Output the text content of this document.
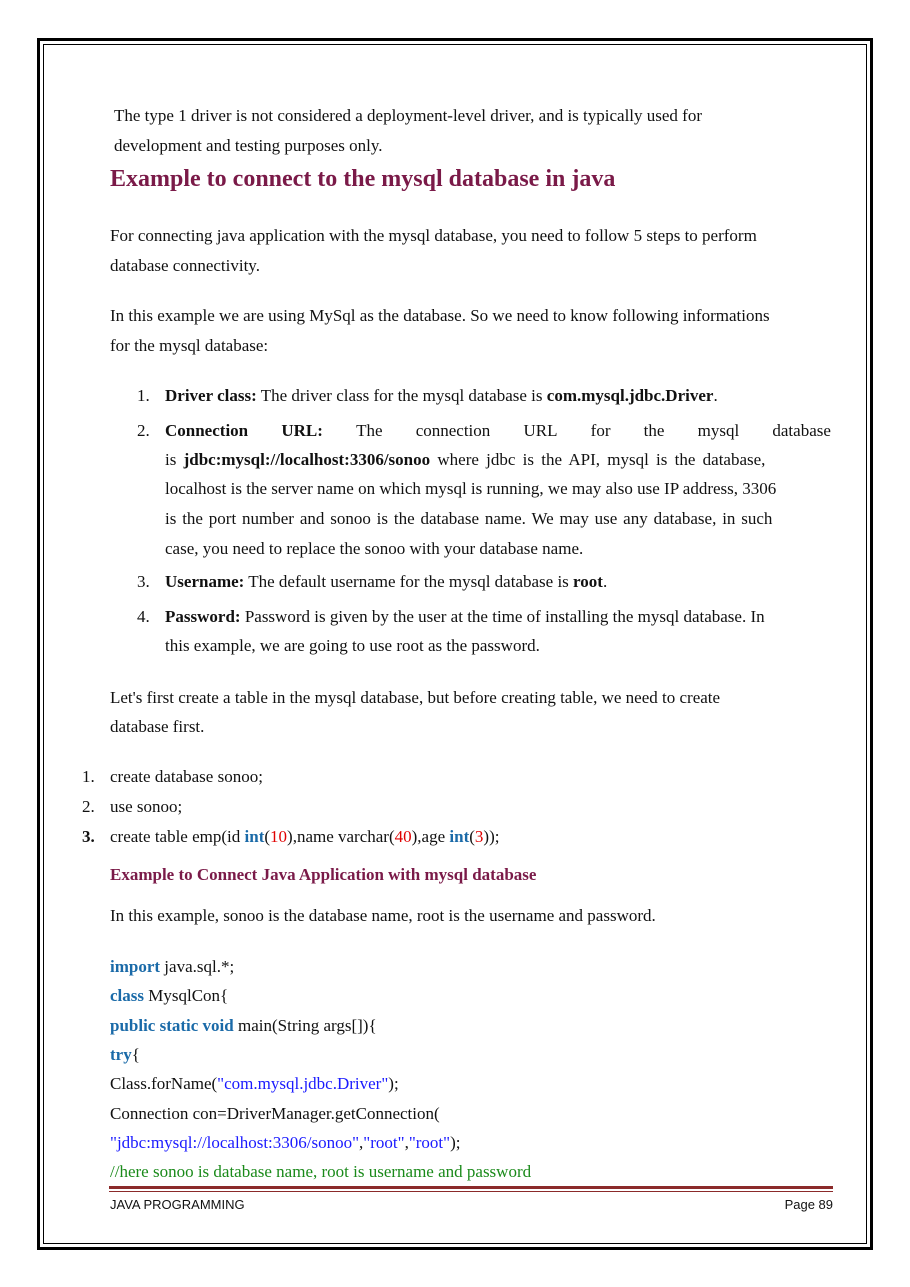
The type 1 driver is not considered a deployment-level driver, and is typically used for
development and testing purposes only.
Example to connect to the mysql database in java
For connecting java application with the mysql database, you need to follow 5 steps to perform
database connectivity.
In this example we are using MySql as the database. So we need to know following informations
for the mysql database:
1. Driver class: The driver class for the mysql database is com.mysql.jdbc.Driver.
2. Connection URL: The connection URL for the mysql database
is jdbc:mysql://localhost:3306/sonoo where jdbc is the API, mysql is the database,
localhost is the server name on which mysql is running, we may also use IP address, 3306
is the port number and sonoo is the database name. We may use any database, in such
case, you need to replace the sonoo with your database name.
3. Username: The default username for the mysql database is root.
4. Password: Password is given by the user at the time of installing the mysql database. In
this example, we are going to use root as the password.
Let's first create a table in the mysql database, but before creating table, we need to create
database first.
1. create database sonoo;
2. use sonoo;
3. create table emp(id int(10),name varchar(40),age int(3));
Example to Connect Java Application with mysql database
In this example, sonoo is the database name, root is the username and password.
import java.sql.*;
class MysqlCon{
public static void main(String args[]){
try{
Class.forName("com.mysql.jdbc.Driver");
Connection con=DriverManager.getConnection(
"jdbc:mysql://localhost:3306/sonoo","root","root");
//here sonoo is database name, root is username and password
JAVA PROGRAMMING	Page 89
